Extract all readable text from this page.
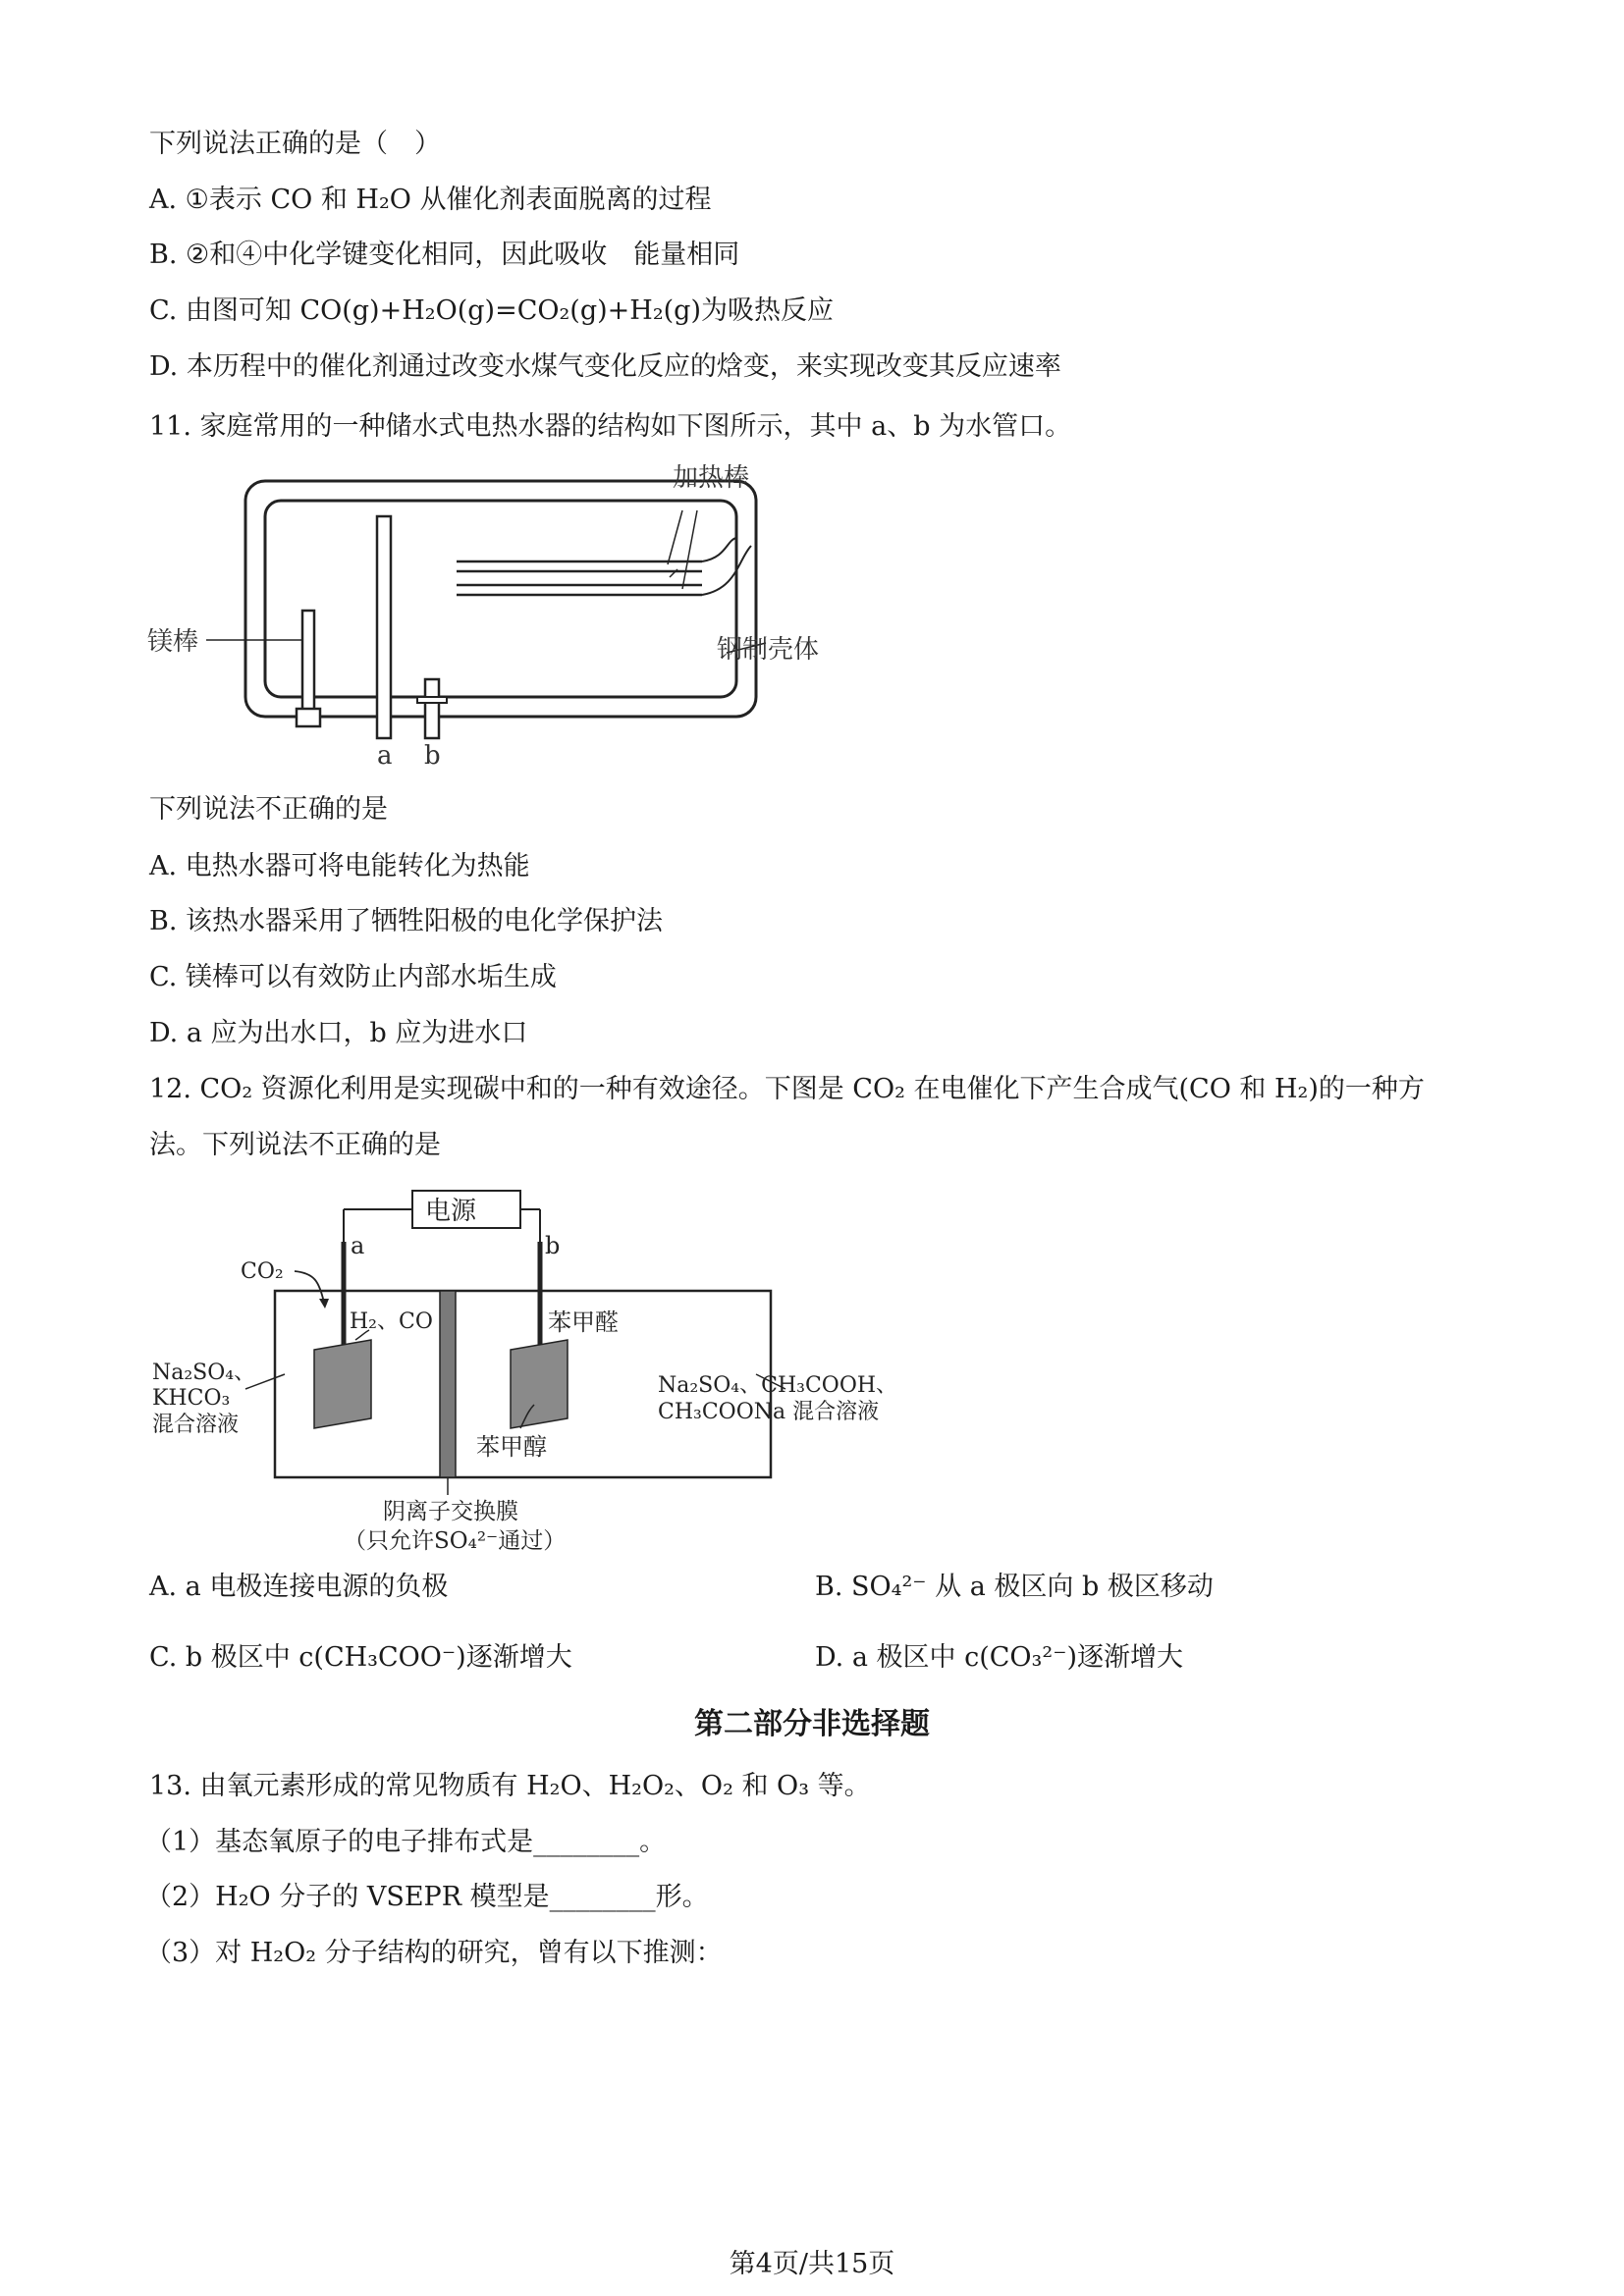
下列说法正确的是（　）
A. ①表示 CO 和 H₂O 从催化剂表面脱离的过程
B. ②和④中化学键变化相同，因此吸收　能量相同
C. 由图可知 CO(g)+H₂O(g)=CO₂(g)+H₂(g)为吸热反应
D. 本历程中的催化剂通过改变水煤气变化反应的焓变，来实现改变其反应速率
11. 家庭常用的一种储水式电热水器的结构如下图所示，其中 a、b 为水管口。
加热棒
镁棒	钢制壳体
a b
下列说法不正确的是
A. 电热水器可将电能转化为热能
B. 该热水器采用了牺牲阳极的电化学保护法
C. 镁棒可以有效防止内部水垢生成
D. a 应为出水口，b 应为进水口
12. CO₂ 资源化利用是实现碳中和的一种有效途径。下图是 CO₂ 在电催化下产生合成气(CO 和 H₂)的一种方
法。下列说法不正确的是
电源
a	b
CO₂
H₂、CO	苯甲醛
苯甲醇
Na₂SO₄、
KHCO₃
混合溶液
Na₂SO₄、CH₃COOH、
CH₃COONa 混合溶液
阴离子交换膜
（只允许SO₄²⁻通过）
A. a 电极连接电源的负极	B. SO₄²⁻ 从 a 极区向 b 极区移动
C. b 极区中 c(CH₃COO⁻)逐渐增大	D. a 极区中 c(CO₃²⁻)逐渐增大
第二部分非选择题
13. 由氧元素形成的常见物质有 H₂O、H₂O₂、O₂ 和 O₃ 等。
（1）基态氧原子的电子排布式是________。
（2）H₂O 分子的 VSEPR 模型是________形。
（3）对 H₂O₂ 分子结构的研究，曾有以下推测：
第4页/共15页
